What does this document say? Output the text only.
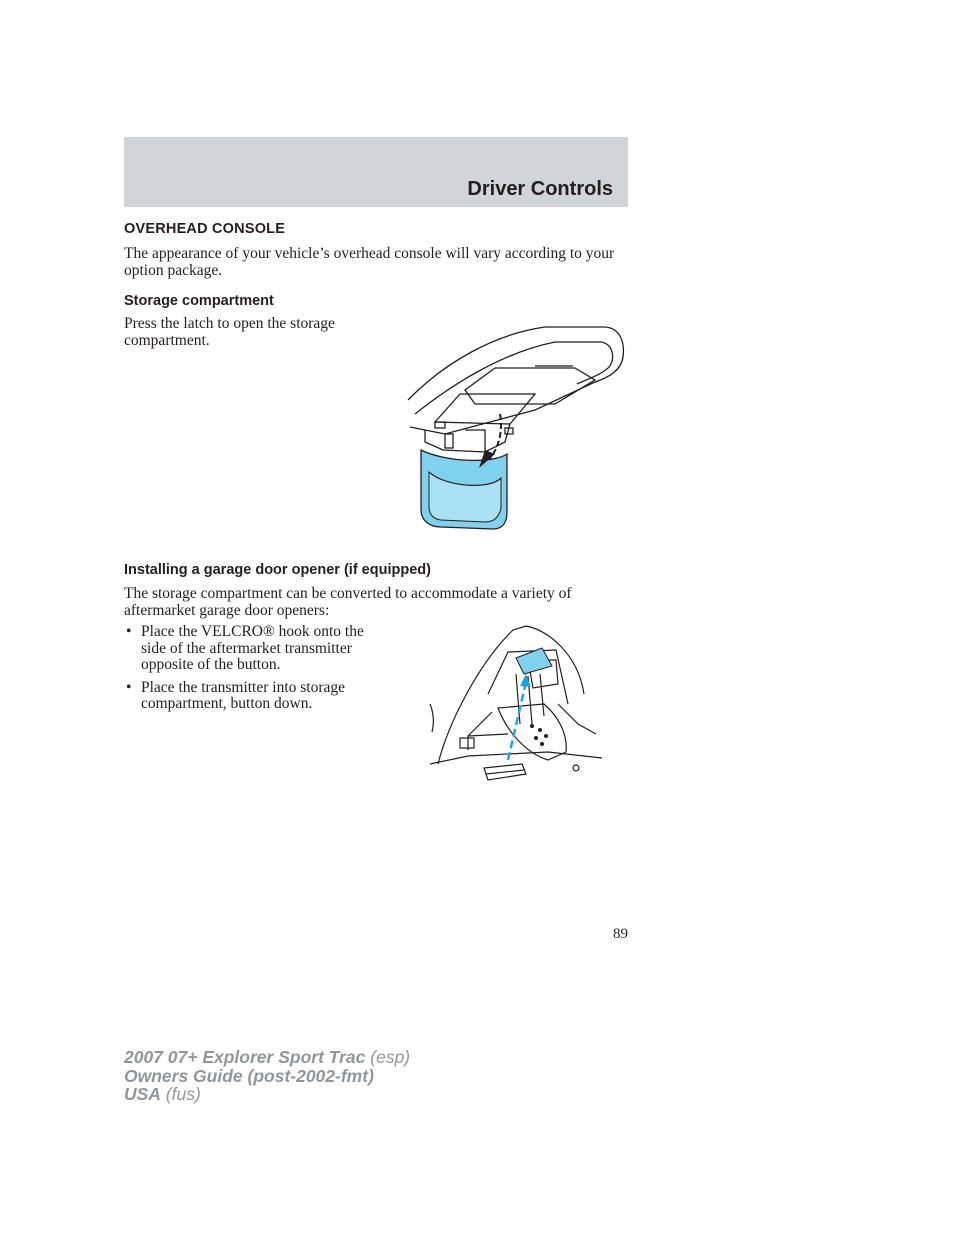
Driver Controls
OVERHEAD CONSOLE
The appearance of your vehicle’s overhead console will vary according to your option package.
Storage compartment
Press the latch to open the storage compartment.
Installing a garage door opener (if equipped)
The storage compartment can be converted to accommodate a variety of aftermarket garage door openers:
• Place the VELCRO® hook onto the side of the aftermarket transmitter opposite of the button.
• Place the transmitter into storage compartment, button down.
89
2007 07+ Explorer Sport Trac (esp)
Owners Guide (post-2002-fmt)
USA (fus)
